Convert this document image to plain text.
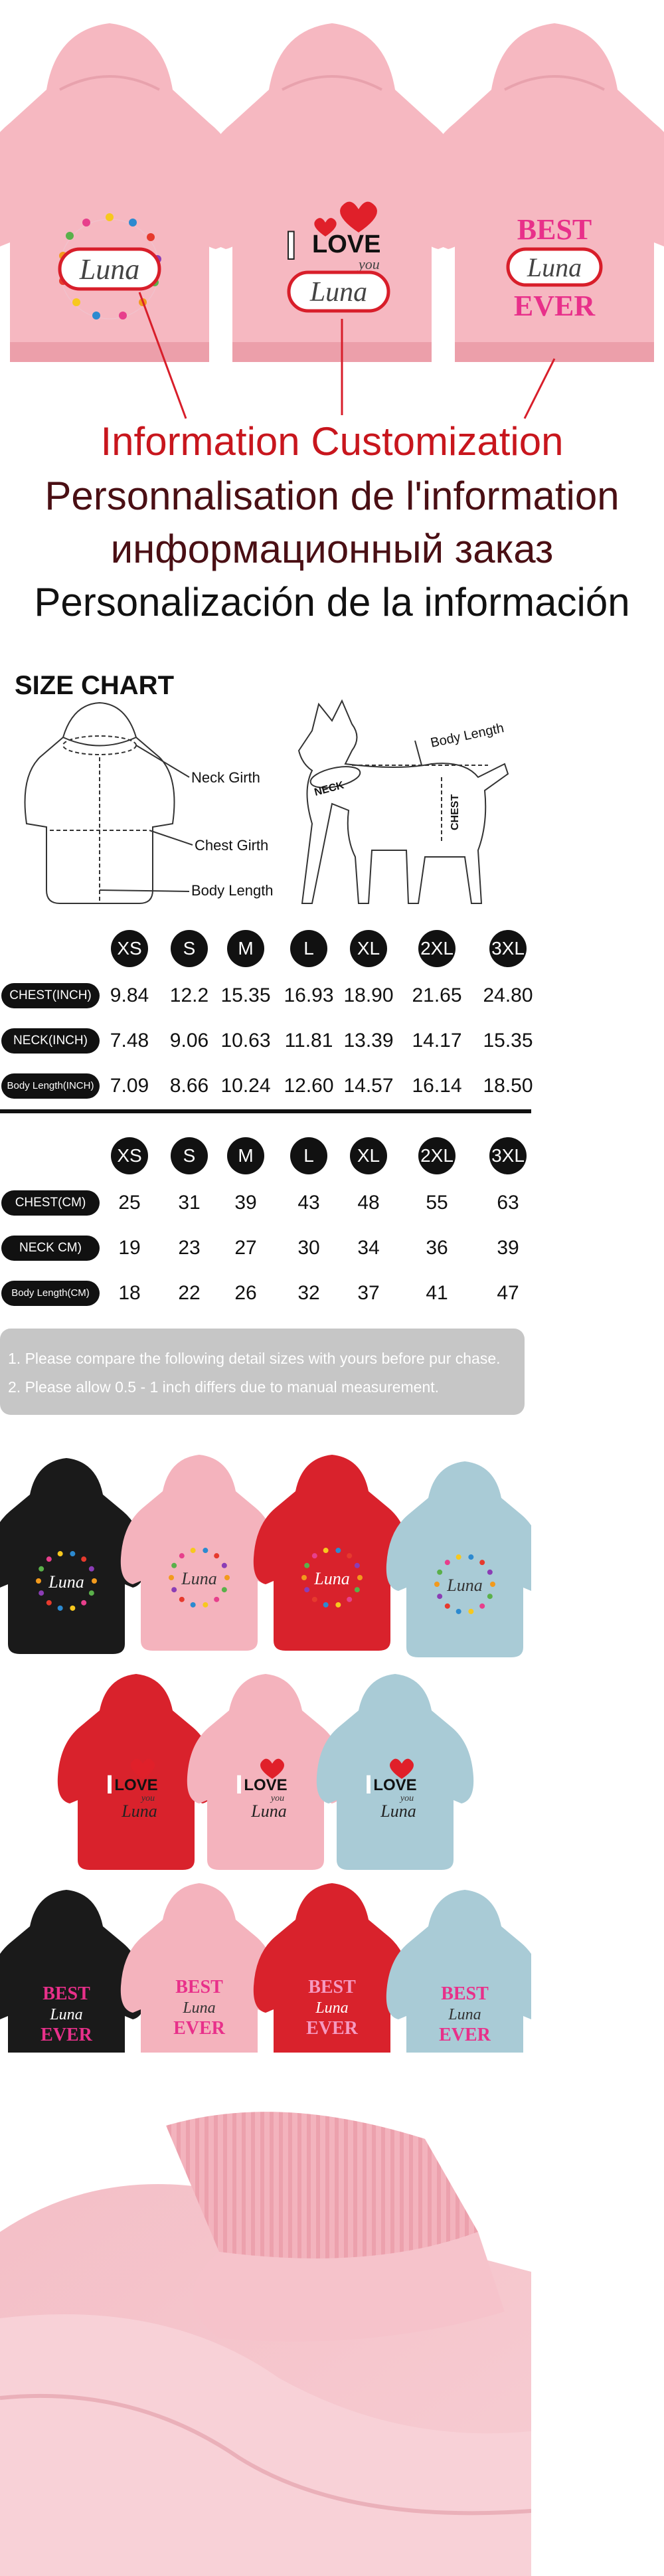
Luna
I LOVE
you
Luna
BEST
Luna
EVER
Information Customization
Personnalisation de l'information
информационный заказ
Personalización de la información
SIZE CHART
Neck Girth
Chest Girth
Body Length
Body Length
NECK
CHEST
XS	S	M	L	XL	2XL 3XL
CHEST(INCH) 9.84	12.2 15.35 16.93 18.90 21.65	24.80
NECK(INCH)	7.48	9.06 10.63 11.81 13.39 14.17	15.35
Body Length(INCH) 7.09	8.66 10.24 12.60 14.57 16.14	18.50
XS	S	M	L	XL	2XL 3XL
CHEST(CM)	25	31	39	43	48	55	63
NECK CM)	19	23	27	30	34	36	39
Body Length(CM)	18	22	26	32	37	41	47
1. Please compare the following detail sizes with yours before pur chase.
2. Please allow 0.5 - 1 inch differs due to manual measurement.
Luna	Luna	Luna	Luna
I LOVE
you
Luna
I LOVE
you
Luna
I LOVE
you
Luna
BEST
Luna
EVER
BEST
Luna
EVER
BEST
Luna
EVER
BEST
Luna
EVER
